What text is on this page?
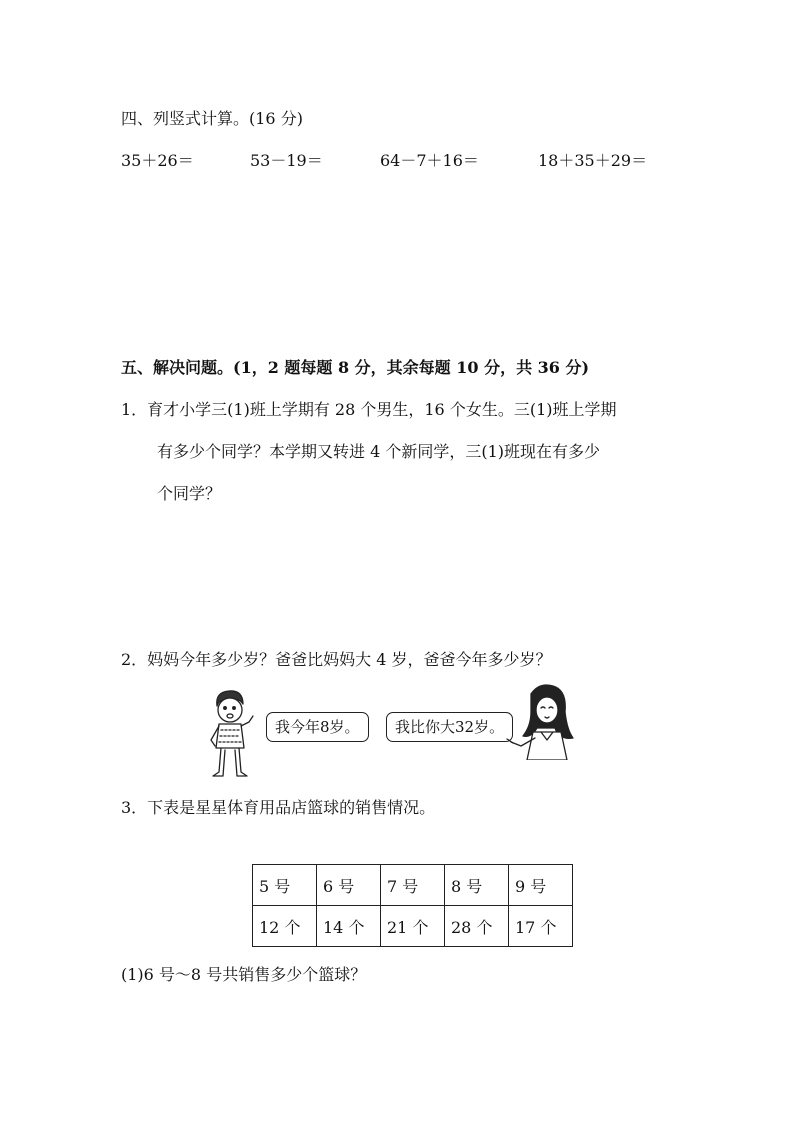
四、列竖式计算。(16 分)
35＋26＝	53－19＝	64－7＋16＝	18＋35＋29＝
五、解决问题。(1，2 题每题 8 分，其余每题 10 分，共 36 分)
1．育才小学三(1)班上学期有 28 个男生，16 个女生。三(1)班上学期
有多少个同学？本学期又转进 4 个新同学，三(1)班现在有多少
个同学？
2．妈妈今年多少岁？爸爸比妈妈大 4 岁，爸爸今年多少岁？
我今年8岁。	我比你大32岁。
3．下表是星星体育用品店篮球的销售情况。
5 号	6 号	7 号	8 号	9 号
12 个	14 个	21 个	28 个	17 个
(1)6 号～8 号共销售多少个篮球？
